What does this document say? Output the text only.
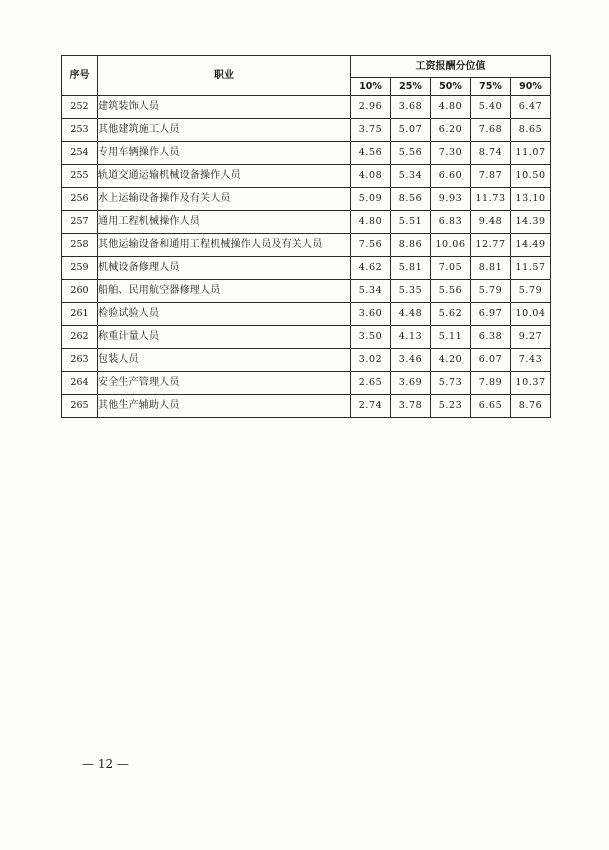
序号	职业	工资报酬分位值				
		10%	25%	50%	75%	90%
252	建筑装饰人员	2.96	3.68	4.80	5.40	6.47
253	其他建筑施工人员	3.75	5.07	6.20	7.68	8.65
254	专用车辆操作人员	4.56	5.56	7.30	8.74	11.07
255	轨道交通运输机械设备操作人员	4.08	5.34	6.60	7.87	10.50
256	水上运输设备操作及有关人员	5.09	8.56	9.93	11.73	13.10
257	通用工程机械操作人员	4.80	5.51	6.83	9.48	14.39
258	其他运输设备和通用工程机械操作人员及有关人员	7.56	8.86	10.06	12.77	14.49
259	机械设备修理人员	4.62	5.81	7.05	8.81	11.57
260	船舶、民用航空器修理人员	5.34	5.35	5.56	5.79	5.79
261	检验试验人员	3.60	4.48	5.62	6.97	10.04
262	称重计量人员	3.50	4.13	5.11	6.38	9.27
263	包装人员	3.02	3.46	4.20	6.07	7.43
264	安全生产管理人员	2.65	3.69	5.73	7.89	10.37
265	其他生产辅助人员	2.74	3.78	5.23	6.65	8.76
— 12 —
